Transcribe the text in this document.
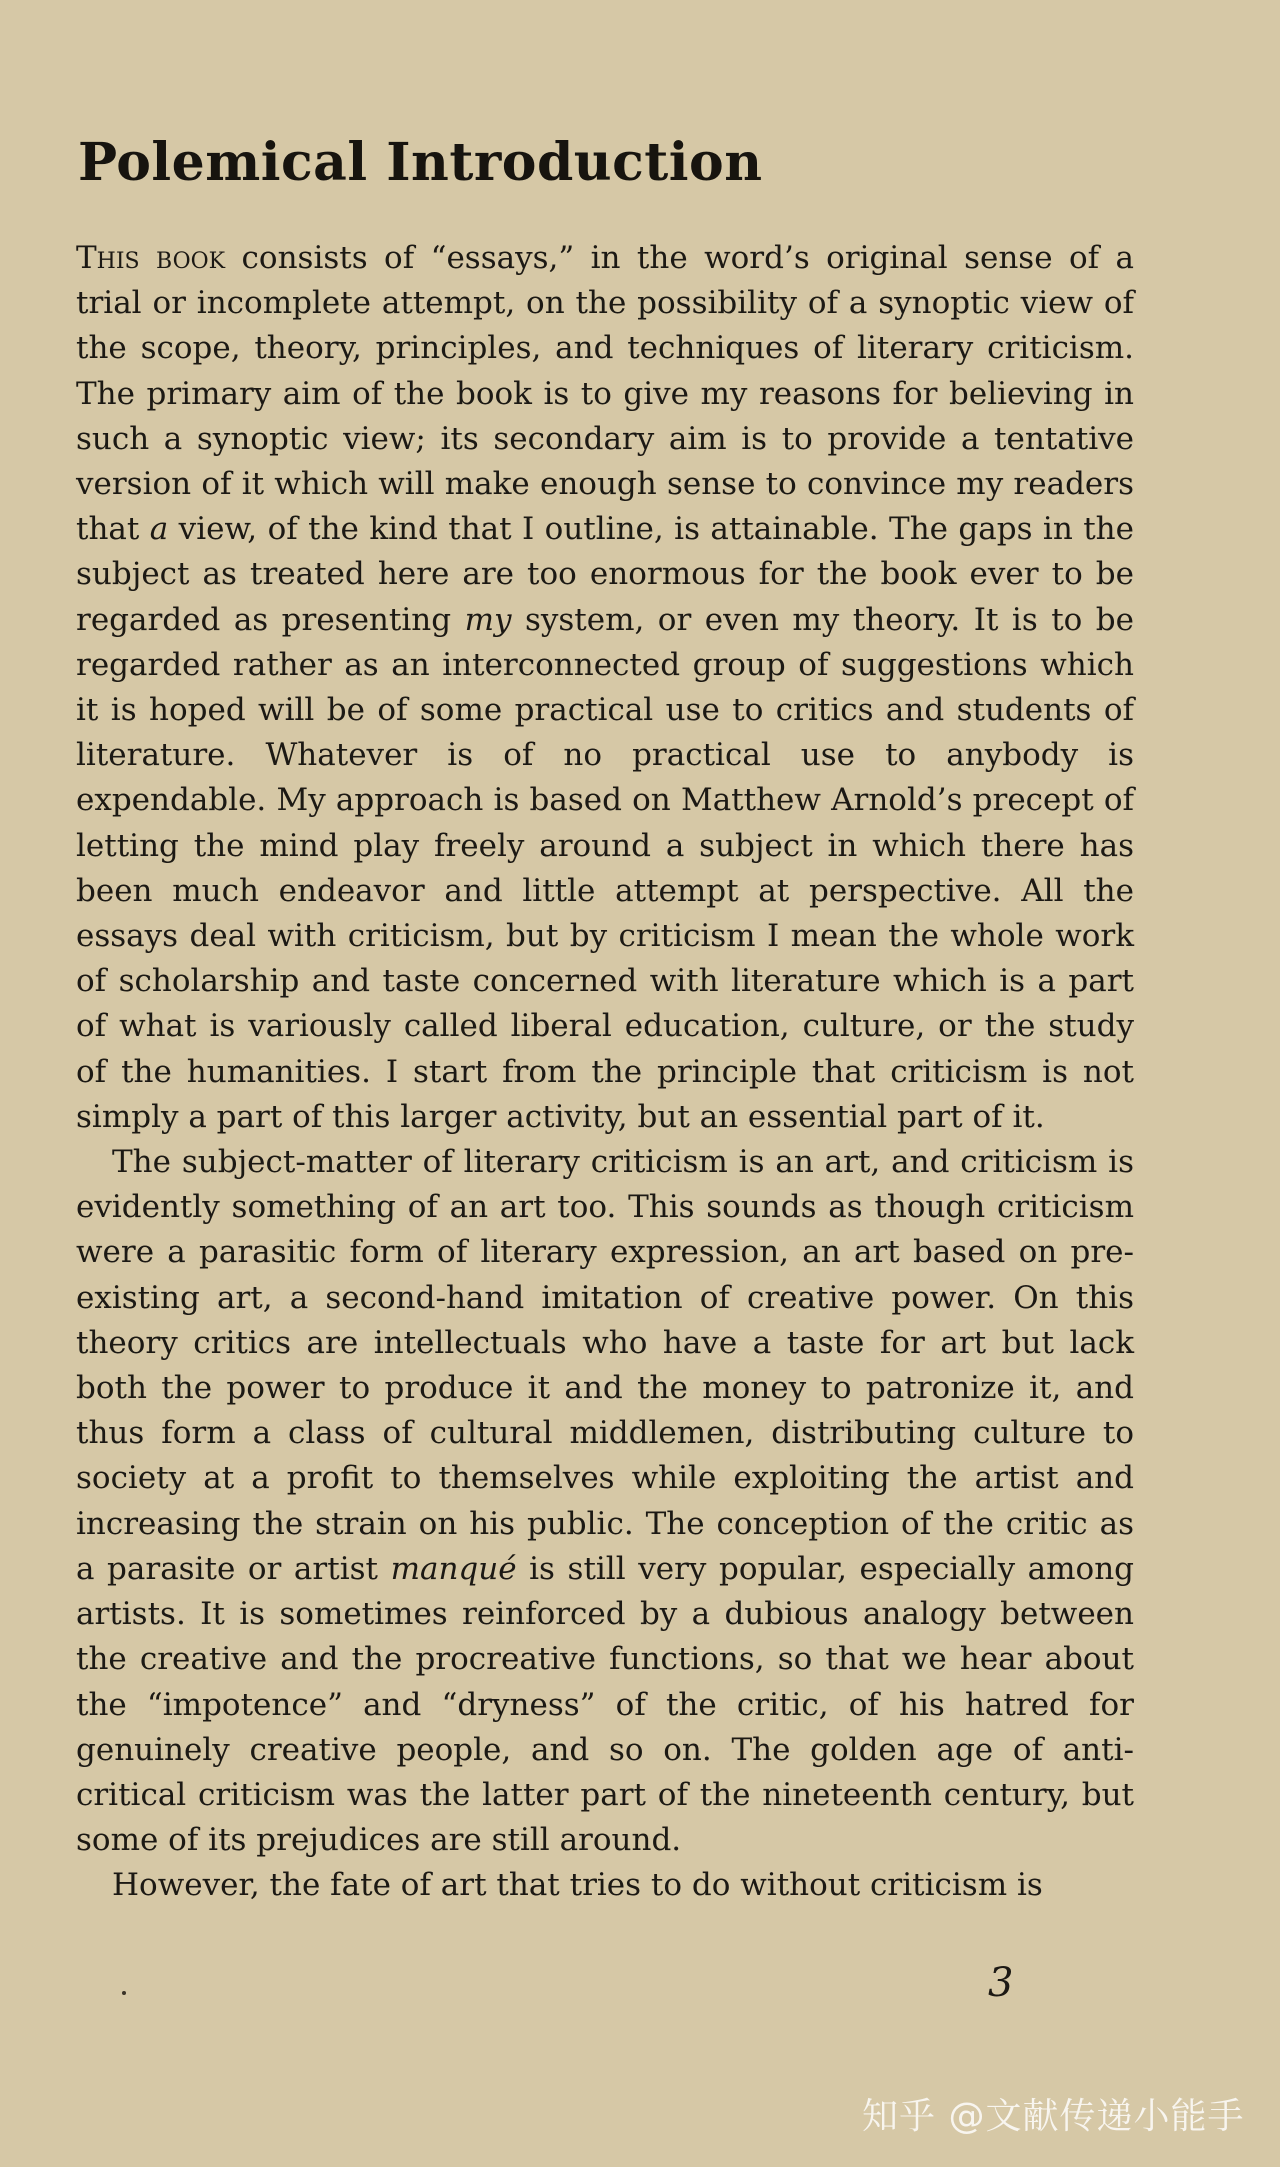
Polemical Introduction

This book consists of “essays,” in the word’s original sense of a trial or incomplete attempt, on the possibility of a synoptic view of the scope, theory, principles, and techniques of literary criticism. The primary aim of the book is to give my reasons for believing in such a synoptic view; its secondary aim is to provide a tentative version of it which will make enough sense to convince my readers that a view, of the kind that I outline, is attainable. The gaps in the subject as treated here are too enormous for the book ever to be regarded as presenting my system, or even my theory. It is to be regarded rather as an interconnected group of suggestions which it is hoped will be of some practical use to critics and students of literature. Whatever is of no practical use to anybody is expendable. My approach is based on Matthew Arnold’s precept of letting the mind play freely around a subject in which there has been much endeavor and little attempt at perspective. All the essays deal with criticism, but by criticism I mean the whole work of scholarship and taste concerned with literature which is a part of what is variously called liberal education, culture, or the study of the humanities. I start from the principle that criticism is not simply a part of this larger activity, but an essential part of it.

The subject-matter of literary criticism is an art, and criticism is evidently something of an art too. This sounds as though criticism were a parasitic form of literary expression, an art based on pre-existing art, a second-hand imitation of creative power. On this theory critics are intellectuals who have a taste for art but lack both the power to produce it and the money to patronize it, and thus form a class of cultural middlemen, distributing culture to society at a profit to themselves while exploiting the artist and increasing the strain on his public. The conception of the critic as a parasite or artist manqué is still very popular, especially among artists. It is sometimes reinforced by a dubious analogy between the creative and the procreative functions, so that we hear about the “impotence” and “dryness” of the critic, of his hatred for genuinely creative people, and so on. The golden age of anti-critical criticism was the latter part of the nineteenth century, but some of its prejudices are still around.

However, the fate of art that tries to do without criticism is

3
知乎 @文献传递小能手
